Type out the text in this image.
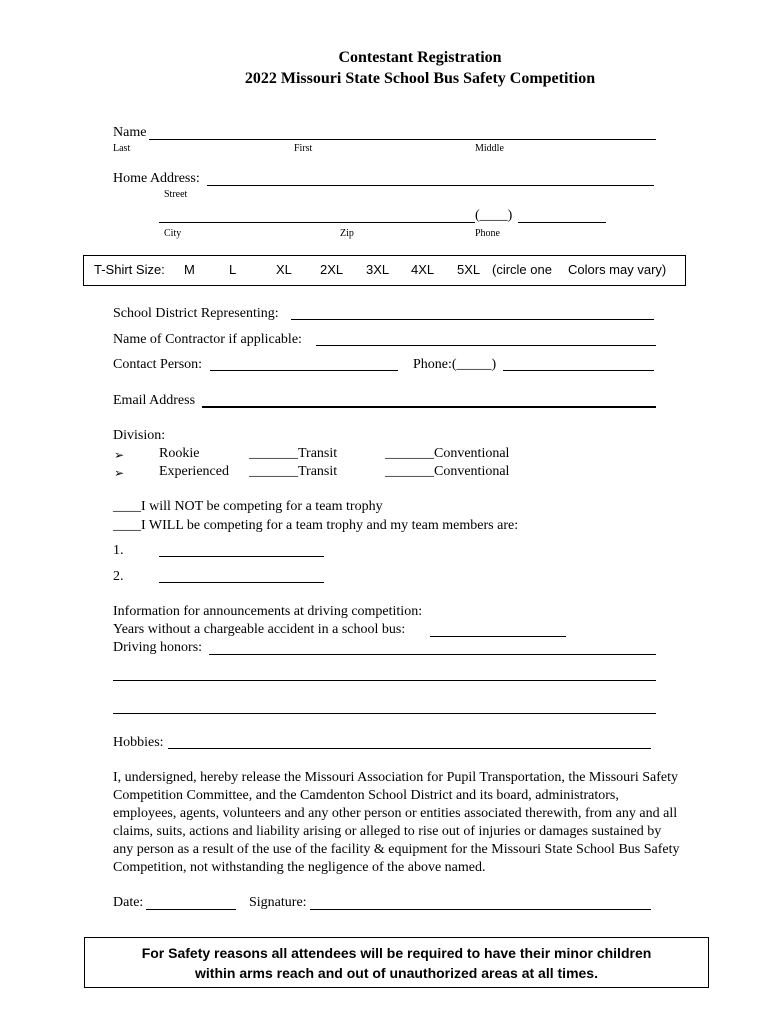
Contestant Registration
2022 Missouri State School Bus Safety Competition
Name
Last	First	Middle
Home Address:
Street
(____)
City	Zip	Phone
T-Shirt Size: M	L	XL 2XL 3XL 4XL 5XL (circle one Colors may vary)
School District Representing:
Name of Contractor if applicable:
Contact Person:	Phone:(_____)
Email Address
Division:
➢ Rookie	_______Transit	_______Conventional
➢ Experienced _______Transit	_______Conventional
____I will NOT be competing for a team trophy
____I WILL be competing for a team trophy and my team members are:
1.
2.
Information for announcements at driving competition:
Years without a chargeable accident in a school bus:
Driving honors:
Hobbies:
I, undersigned, hereby release the Missouri Association for Pupil Transportation, the Missouri Safety
Competition Committee, and the Camdenton School District and its board, administrators,
employees, agents, volunteers and any other person or entities associated therewith, from any and all
claims, suits, actions and liability arising or alleged to rise out of injuries or damages sustained by
any person as a result of the use of the facility & equipment for the Missouri State School Bus Safety
Competition, not withstanding the negligence of the above named.
Date:	Signature:
For Safety reasons all attendees will be required to have their minor children
within arms reach and out of unauthorized areas at all times.
